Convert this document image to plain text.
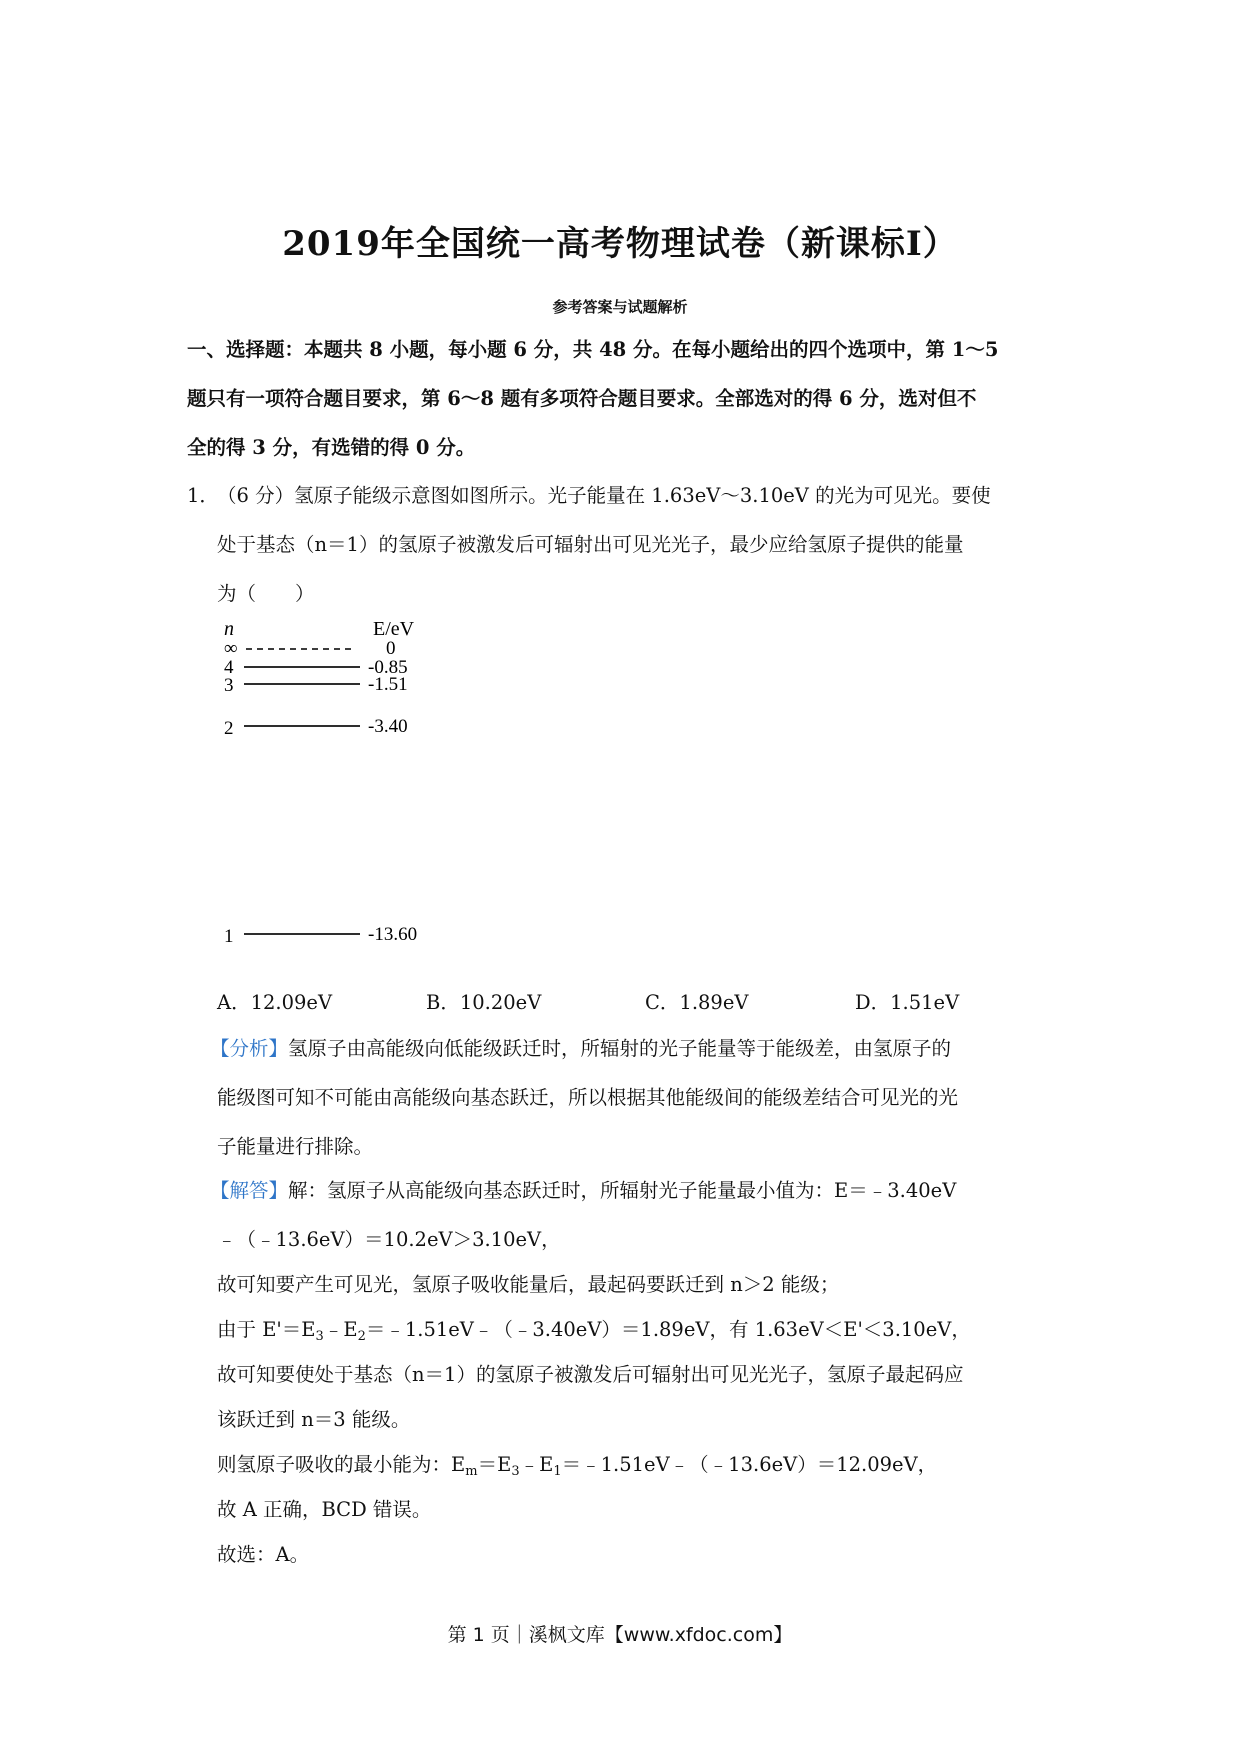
2019年全国统一高考物理试卷（新课标Ⅰ）
参考答案与试题解析
一、选择题：本题共 8 小题，每小题 6 分，共 48 分。在每小题给出的四个选项中，第 1～5
题只有一项符合题目要求，第 6～8 题有多项符合题目要求。全部选对的得 6 分，选对但不
全的得 3 分，有选错的得 0 分。
1．
（6 分）氢原子能级示意图如图所示。光子能量在 1.63eV～3.10eV 的光为可见光。要使
处于基态（n＝1）的氢原子被激发后可辐射出可见光光子，最少应给氢原子提供的能量
为（　　）
n	E/eV
∞	0
4	-0.85
3	-1.51
2	-3.40
1	-13.60
A．12.09eV	B．10.20eV	C．1.89eV	D．1.51eV
【分析】氢原子由高能级向低能级跃迁时，所辐射的光子能量等于能级差，由氢原子的
能级图可知不可能由高能级向基态跃迁，所以根据其他能级间的能级差结合可见光的光
子能量进行排除。
【解答】解：氢原子从高能级向基态跃迁时，所辐射光子能量最小值为：E＝﹣3.40eV
﹣（﹣13.6eV）＝10.2eV＞3.10eV，
故可知要产生可见光，氢原子吸收能量后，最起码要跃迁到 n＞2 能级；
由于 $E'=E_3﹣E_2=﹣1.51eV﹣(﹣3.40eV)=1.89eV$，有 1.63eV＜E'＜3.10eV，
故可知要使处于基态（n＝1）的氢原子被激发后可辐射出可见光光子，氢原子最起码应
该跃迁到 n＝3 能级。
则氢原子吸收的最小能为：$E_m=E_3﹣E_1=﹣1.51eV﹣(﹣13.6eV)=12.09eV$，
故 A 正确，BCD 错误。
故选：A。
第 1 页｜溪枫文库【www.xfdoc.com】
